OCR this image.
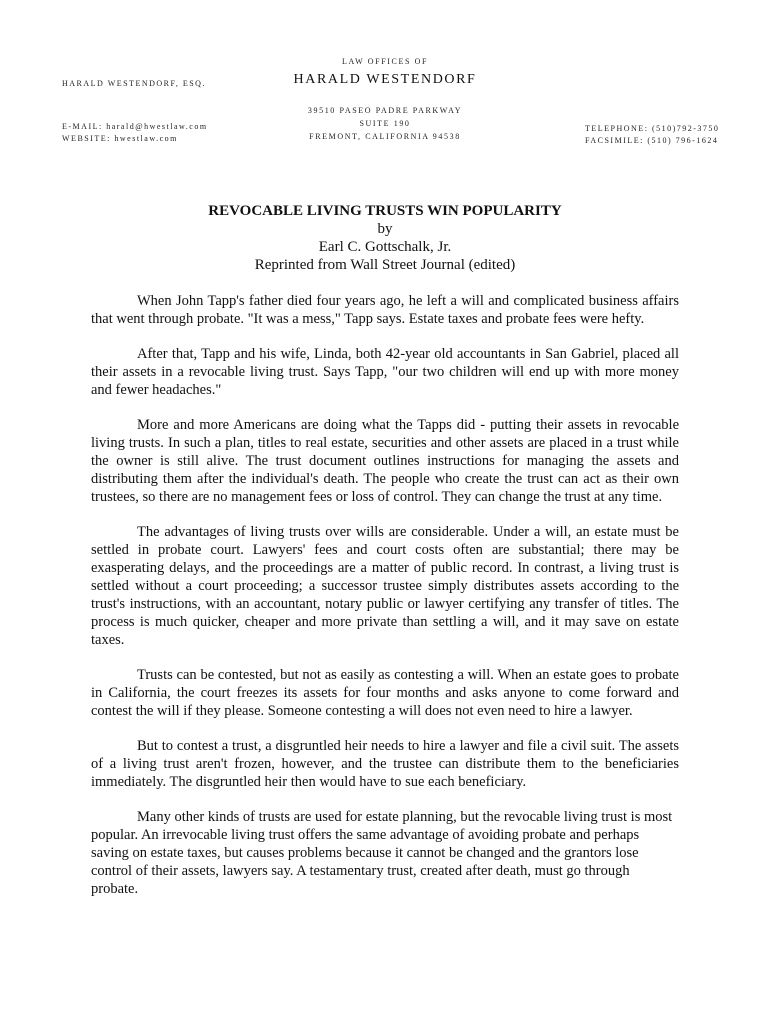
HARALD WESTENDORF, ESQ.
E-MAIL: harald@hwestlaw.com
WEBSITE: hwestlaw.com
LAW OFFICES OF
HARALD WESTENDORF
39510 PASEO PADRE PARKWAY
SUITE 190
FREMONT, CALIFORNIA 94538
TELEPHONE: (510)792-3750
FACSIMILE: (510) 796-1624
REVOCABLE LIVING TRUSTS WIN POPULARITY
by
Earl C. Gottschalk, Jr.
Reprinted from Wall Street Journal (edited)

When John Tapp's father died four years ago, he left a will and complicated business affairs that went through probate. "It was a mess," Tapp says. Estate taxes and probate fees were hefty.

After that, Tapp and his wife, Linda, both 42-year old accountants in San Gabriel, placed all their assets in a revocable living trust. Says Tapp, "our two children will end up with more money and fewer headaches."

More and more Americans are doing what the Tapps did - putting their assets in revocable living trusts. In such a plan, titles to real estate, securities and other assets are placed in a trust while the owner is still alive. The trust document outlines instructions for managing the assets and distributing them after the individual's death. The people who create the trust can act as their own trustees, so there are no management fees or loss of control. They can change the trust at any time.

The advantages of living trusts over wills are considerable. Under a will, an estate must be settled in probate court. Lawyers' fees and court costs often are substantial; there may be exasperating delays, and the proceedings are a matter of public record. In contrast, a living trust is settled without a court proceeding; a successor trustee simply distributes assets according to the trust's instructions, with an accountant, notary public or lawyer certifying any transfer of titles. The process is much quicker, cheaper and more private than settling a will, and it may save on estate taxes.

Trusts can be contested, but not as easily as contesting a will. When an estate goes to probate in California, the court freezes its assets for four months and asks anyone to come forward and contest the will if they please. Someone contesting a will does not even need to hire a lawyer.

But to contest a trust, a disgruntled heir needs to hire a lawyer and file a civil suit. The assets of a living trust aren't frozen, however, and the trustee can distribute them to the beneficiaries immediately. The disgruntled heir then would have to sue each beneficiary.

Many other kinds of trusts are used for estate planning, but the revocable living trust is most popular. An irrevocable living trust offers the same advantage of avoiding probate and perhaps saving on estate taxes, but causes problems because it cannot be changed and the grantors lose control of their assets, lawyers say. A testamentary trust, created after death, must go through probate.
